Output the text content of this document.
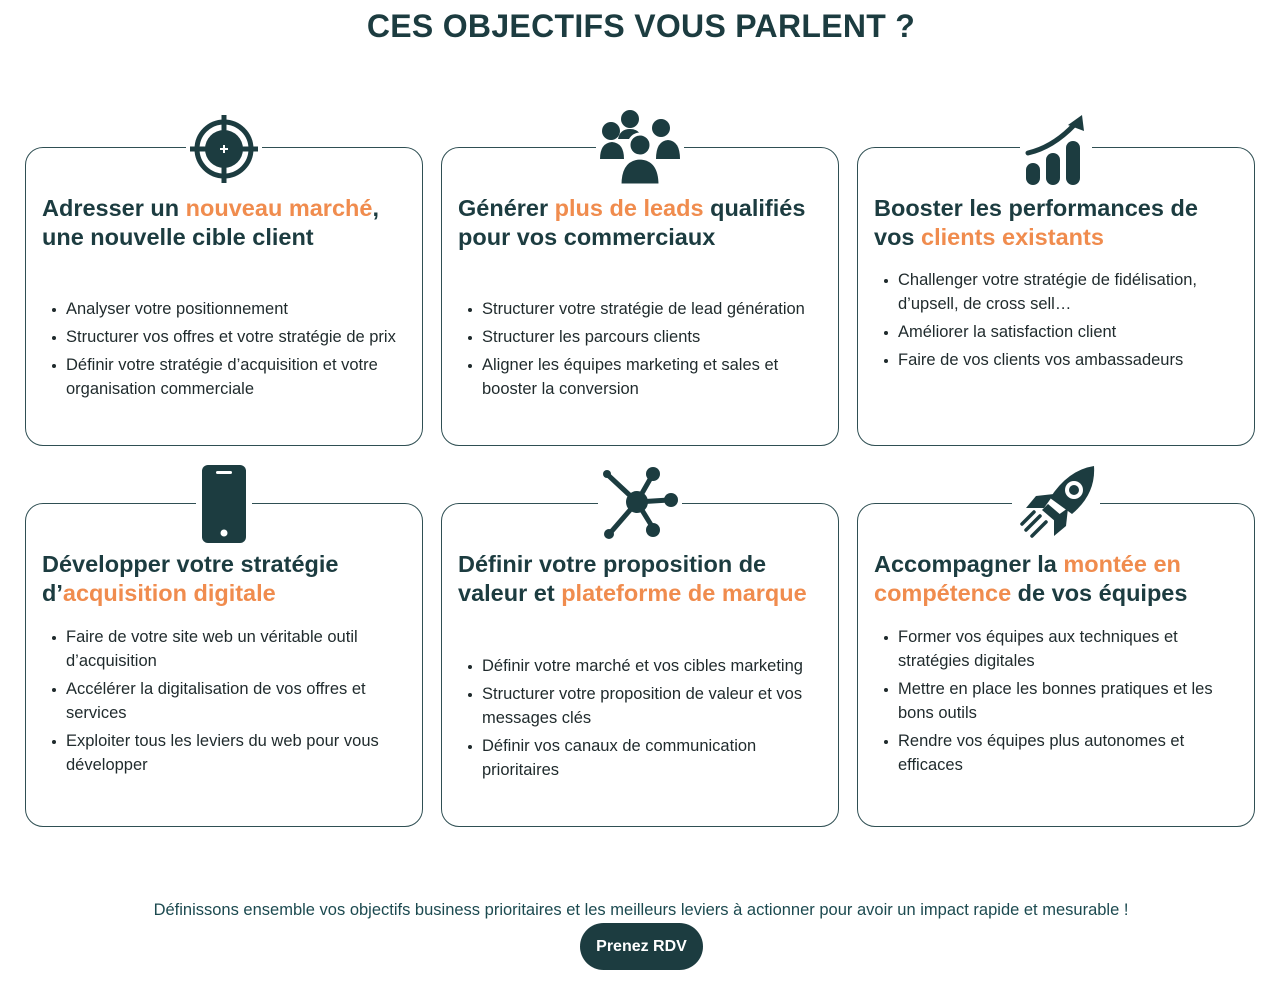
CES OBJECTIFS VOUS PARLENT ?
Adresser un nouveau marché, une nouvelle cible client
Analyser votre positionnement
Structurer vos offres et votre stratégie de prix
Définir votre stratégie d’acquisition et votre organisation commerciale
Générer plus de leads qualifiés pour vos commerciaux
Structurer votre stratégie de lead génération
Structurer les parcours clients
Aligner les équipes marketing et sales et booster la conversion
Booster les performances de vos clients existants
Challenger votre stratégie de fidélisation, d’upsell, de cross sell…
Améliorer la satisfaction client
Faire de vos clients vos ambassadeurs
Développer votre stratégie d’acquisition digitale
Faire de votre site web un véritable outil d’acquisition
Accélérer la digitalisation de vos offres et services
Exploiter tous les leviers du web pour vous développer
Définir votre proposition de valeur et plateforme de marque
Définir votre marché et vos cibles marketing
Structurer votre proposition de valeur et vos messages clés
Définir vos canaux de communication prioritaires
Accompagner la montée en compétence de vos équipes
Former vos équipes aux techniques et stratégies digitales
Mettre en place les bonnes pratiques et les bons outils
Rendre vos équipes plus autonomes et efficaces

Définissons ensemble vos objectifs business prioritaires et les meilleurs leviers à actionner pour avoir un impact rapide et mesurable !

Prenez RDV
